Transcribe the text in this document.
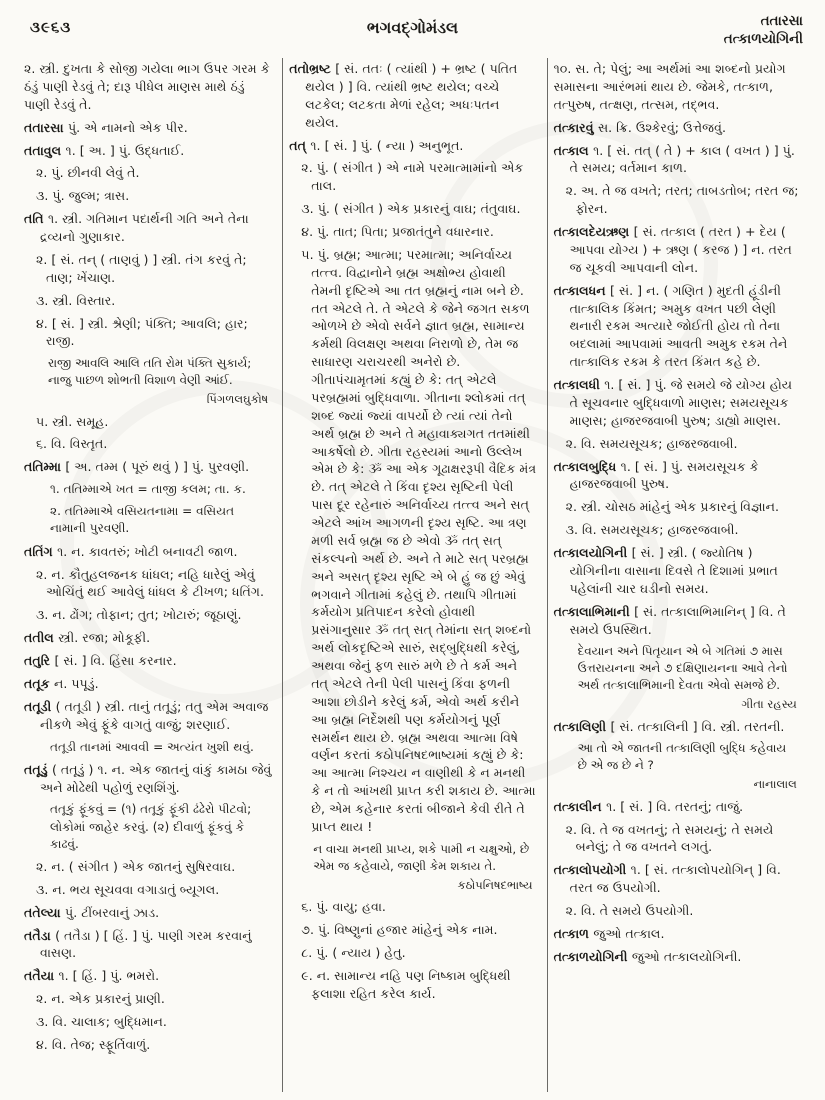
૩૯૬૩	ભગવદ્ગોમંડલ	તતારસા
તત્કાળયોગિની

૨. સ્ત્રી. દુખતા કે સોજી ગયેલા ભાગ ઉપર ગરમ કે ઠંડું પાણી રેડવું તે; દારૂ પીધેલ માણસ માથે ઠંડું પાણી રેડવું તે.

તતારસા પું. એ નામનો એક પીર.

તતાવુલ ૧. [ અ. ] પું. ઉદ્ધતાઈ.

૨. પું. છીનવી લેવું તે.

૩. પું. જુલ્મ; ત્રાસ.

તતિ ૧. સ્ત્રી. ગતિમાન પદાર્થની ગતિ અને તેના દ્રવ્યનો ગુણાકાર.

૨. [ સં. તન્ ( તાણવું ) ] સ્ત્રી. તંગ કરવું તે; તાણ; ખેંચાણ.

૩. સ્ત્રી. વિસ્તાર.

૪. [ સં. ] સ્ત્રી. શ્રેણી; પંક્તિ; આવલિ; હાર; રાજી.

રાજી આવલિ આલિ તતિ રોમ પંક્તિ સુકાર્ય; નાજુ પાછળ શોભતી વિશાળ વેણી આંઈ.

પિંગળલઘુકોષ

૫. સ્ત્રી. સમૂહ.

૬. વિ. વિસ્તૃત.

તતિમ્મા [ અ. તમ્મ ( પૂરું થવું ) ] પું. પુરવણી.

૧. તતિમ્માએ ખત = તાજી કલમ; તા. ક.

૨. તતિમ્માએ વસિયતનામા = વસિયત નામાની પુરવણી.

તતિંગ ૧. ન. કાવતરું; ખોટી બનાવટી જાળ.

૨. ન. કૌતુહલજનક ધાંધલ; નહિ ધારેલું એવું ઓચિંતું થઈ આવેલું ધાંધલ કે ટીખળ; ધતિંગ.

૩. ન. ઢોંગ; તોફાન; તુત; ખોટારું; જૂઠાણું.

તતીલ સ્ત્રી. રજા; મોકૂફી.

તતુરિ [ સં. ] વિ. હિંસા કરનાર.

તતૂક ન. પપૂડું.

તતૂડી ( તતૂડી ) સ્ત્રી. તાનું તતૂડું; તતુ એમ અવાજ નીકળે એવું ફૂંકે વાગતું વાજું; શરણાઈ.

તતૂડી તાનમાં આવવી = અત્યંત ખુશી થવું.

તતૂડું ( તતૂડું ) ૧. ન. એક જાતનું વાંકું કામઠા જેવું અને મોઢેથી પહોળું રણશિંગું.

તતૂકું ફૂંકવું = (૧) તતૂકું ફૂંકી ઢંઢેરો પીટવો; લોકોમાં જાહેર કરવું. (૨) દીવાળું ફૂંકવું કે કાઢવું.

૨. ન. ( સંગીત ) એક જાતનું સુષિરવાઘ.

૩. ન. ભય સૂચવવા વગાડાતું બ્યૂગલ.

તતેલ્યા પું. ટીંબરવાનું ઝાડ.

તતૈડા ( તતૈડા ) [ હિં. ] પું. પાણી ગરમ કરવાનું વાસણ.

તતૈયા ૧. [ હિં. ] પું. ભમરો.

૨. ન. એક પ્રકારનું પ્રાણી.

૩. વિ. ચાલાક; બુદ્ધિમાન.

૪. વિ. તેજ; સ્ફૂર્તિવાળું.

તતોભ્રષ્ટ [ સં. તતઃ ( ત્યાંથી ) + ભ્રષ્ટ ( પતિત થયેલ ) ] વિ. ત્યાંથી ભ્રષ્ટ થયેલ; વચ્ચે લટકેલ; લટકતા મેળાં રહેલ; અધઃપતન થયેલ.

તત્ ૧. [ સં. ] પું. ( ન્યા ) અનુભૂત.

૨. પું. ( સંગીત ) એ નામે પરમાત્મામાંનો એક તાલ.

૩. પું. ( સંગીત ) એક પ્રકારનું વાઘ; તંતુવાઘ.

૪. પું. તાત; પિતા; પ્રજાતંતુને વધારનાર.

૫. પું. બ્રહ્મ; આત્મા; પરમાત્મા; અનિર્વાચ્ય તત્ત્વ. વિદ્વાનોને બ્રહ્મ અક્ષોભ્ય હોવાથી તેમની દૃષ્ટિએ આ તત બ્રહ્મનું નામ બને છે. તત એટલે તે. તે એટલે કે જેને જગત સકળ ઓળખે છે એવો સર્વને જ્ઞાત બ્રહ્મ, સામાન્ય કર્મથી વિલક્ષણ અથવા નિરાળો છે, તેમ જ સાધારણ ચરાચરથી અનેરો છે. ગીતાપંચામૃતમાં કહ્યું છે કે: તત્ એટલે પરબ્રહ્મમાં બુદ્ધિવાળા. ગીતાના શ્લોકમાં તત્ શબ્દ જ્યાં જ્યાં વાપર્યો છે ત્યાં ત્યાં તેનો અર્થ બ્રહ્મ છે અને તે મહાવાક્યગત તતમાંથી આકર્ષેલો છે. ગીતા રહસ્યમાં આનો ઉલ્લેખ એમ છે કે: ૐ આ એક ગૂઢાક્ષરરૂપી વૈદિક મંત્ર છે. તત્ એટલે તે કિંવા દૃશ્ય સૃષ્ટિની પેલી પાસ દૂર રહેનારું અનિર્વાચ્ય તત્ત્વ અને સત્ એટલે આંખ આગળની દૃશ્ય સૃષ્ટિ. આ ત્રણ મળી સર્વ બ્રહ્મ જ છે એવો ૐ તત્ સત્ સંકલ્પનો અર્થ છે. અને તે માટે સત્ પરબ્રહ્મ અને અસત્ દૃશ્ય સૃષ્ટિ એ બે હું જ છું એવું ભગવાને ગીતામાં કહેલું છે. તથાપિ ગીતામાં કર્મયોગ પ્રતિપાદન કરેલો હોવાથી પ્રસંગાનુસાર ૐ તત્ સત્ તેમાંના સત્ શબ્દનો અર્થ લોકદૃષ્ટિએ સારું, સદ્‌બુદ્ધિથી કરેલું, અથવા જેનું ફળ સારું મળે છે તે કર્મ અને તત્ એટલે તેની પેલી પાસનું કિંવા ફળની આશા છોડીને કરેલું કર્મ, એવો અર્થ કરીને આ બ્રહ્મ નિર્દેશથી પણ કર્મયોગનું પૂર્ણ સમર્થન થાય છે. બ્રહ્મ અથવા આત્મા વિષે વર્ણન કરતાં કઠોપનિષદભાષ્યમાં કહ્યું છે કે: આ આત્મા નિશ્ચય ન વાણીથી કે ન મનથી કે ન તો આંખથી પ્રાપ્ત કરી શકાય છે. આત્મા છે, એમ કહેનાર કરતાં બીજાને કેવી રીતે તે પ્રાપ્ત થાય !

ન વાચા મનથી પ્રાપ્ય, શકે પામી ન ચક્ષુઓ, છે એમ જ કહેવાયે, જાણી કેમ શકાય તે.

કઠોપનિષદભાષ્ય

૬. પું. વાયુ; હવા.

૭. પું. વિષ્ણુનાં હજાર માંહેનું એક નામ.

૮. પું. ( ન્યાય ) હેતુ.

૯. ન. સામાન્ય નહિ પણ નિષ્કામ બુદ્ધિથી ફલાશા રહિત કરેલ કાર્ય.

૧૦. સ. તે; પેલું; આ અર્થમાં આ શબ્દનો પ્રયોગ સમાસના આરંભમાં થાય છે. જેમકે, તત્કાળ, તત્પુરુષ, તત્ક્ષણ, તત્સમ, તદ્ભવ.

તત્કારવું સ. ક્રિ. ઉશ્કેરવું; ઉત્તેજવું.

તત્કાલ ૧. [ સં. તત્ ( તે ) + કાલ ( વખત ) ] પું. તે સમય; વર્તમાન કાળ.

૨. અ. તે જ વખતે; તરત; તાબડતોબ; તરત જ; ફોરન.

તત્કાલદેયઋણ [ સં. તત્કાલ ( તરત ) + દેય ( આપવા યોગ્ય ) + ઋણ ( કરજ ) ] ન. તરત જ ચૂકવી આપવાની લોન.

તત્કાલધન [ સં. ] ન. ( ગણિત ) મુદતી હૂંડીની તાત્કાલિક કિંમત; અમુક વખત પછી લેણી થનારી રકમ અત્યારે જોઈતી હોય તો તેના બદલામાં આપવામાં આવતી અમુક રકમ તેને તાત્કાલિક રકમ કે તરત કિંમત કહે છે.

તત્કાલધી ૧. [ સં. ] પું. જે સમયે જે યોગ્ય હોય તે સૂચવનાર બુદ્ધિવાળો માણસ; સમયસૂચક માણસ; હાજરજવાબી પુરુષ; ડાહ્યો માણસ.

૨. વિ. સમયસૂચક; હાજરજવાબી.

તત્કાલબુદ્ધિ ૧. [ સં. ] પું. સમયસૂચક કે હાજરજવાબી પુરુષ.

૨. સ્ત્રી. ચોસઠ માંહેનું એક પ્રકારનું વિજ્ઞાન.

૩. વિ. સમયસૂચક; હાજરજવાબી.

તત્કાલયોગિની [ સં. ] સ્ત્રી. ( જ્યોતિષ ) યોગિનીના વાસાના દિવસે તે દિશામાં પ્રભાત પહેલાંની ચાર ઘડીનો સમય.

તત્કાલાભિમાની [ સં. તત્કાલાભિમાનિન્ ] વિ. તે સમયે ઉપસ્થિત.

દેવયાન અને પિતૃયાન એ બે ગતિમાં ૭ માસ ઉત્તરાયનના અને ૭ દક્ષિણાયનના આવે તેનો અર્થ તત્કાલાભિમાની દેવતા એવો સમજે છે.

ગીતા રહસ્ય

તત્કાલિણી [ સં. તત્કાલિની ] વિ. સ્ત્રી. તરતની.

આ તો એ જાતની તત્કાલિણી બુદ્ધિ કહેવાય છે એ જ છે ને ?

નાનાલાલ

તત્કાલીન ૧. [ સં. ] વિ. તરતનું; તાજું.

૨. વિ. તે જ વખતનું; તે સમયનું; તે સમયે બનેલું; તે જ વખતને લગતું.

તત્કાલોપયોગી ૧. [ સં. તત્કાલોપયોગિન્ ] વિ. તરત જ ઉપયોગી.

૨. વિ. તે સમયે ઉપયોગી.

તત્કાળ જુઓ તત્કાલ.

તત્કાળયોગિની જુઓ તત્કાલયોગિની.
